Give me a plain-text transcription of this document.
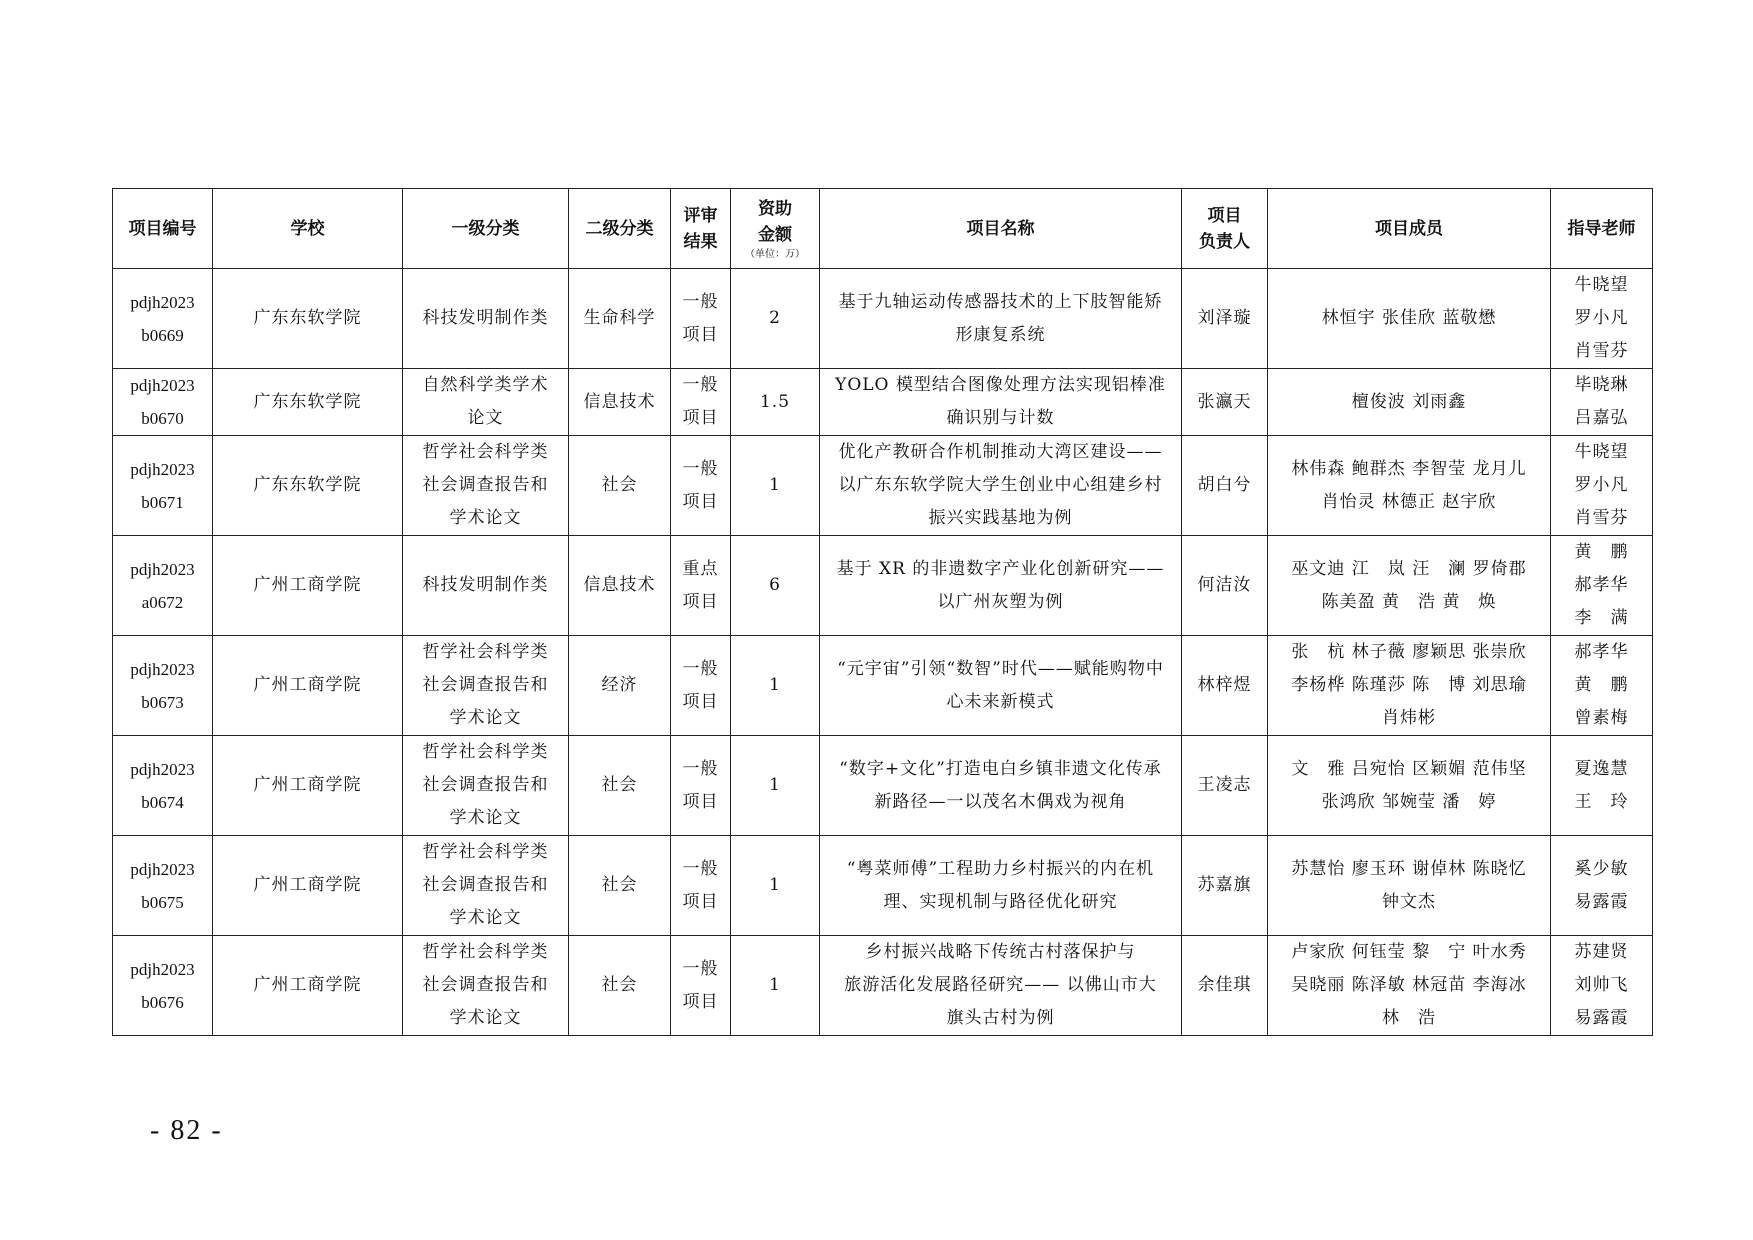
项目编号	学校	一级分类	二级分类	评审
结果	资助
金额
（单位：万）	项目名称	项目
负责人	项目成员	指导老师

pdjh2023
b0669	广东东软学院	科技发明制作类	生命科学	一般
项目	2	基于九轴运动传感器技术的上下肢智能矫
形康复系统	刘泽璇	林恒宇 张佳欣 蓝敬懋	牛晓望
罗小凡
肖雪芬

pdjh2023
b0670	广东东软学院	自然科学类学术
论文	信息技术	一般
项目	1.5	YOLO 模型结合图像处理方法实现铝棒准
确识别与计数	张瀛天	檀俊波 刘雨鑫	毕晓琳
吕嘉弘

pdjh2023
b0671	广东东软学院	哲学社会科学类
社会调查报告和
学术论文	社会	一般
项目	1	优化产教研合作机制推动大湾区建设——
以广东东软学院大学生创业中心组建乡村
振兴实践基地为例	胡白兮	林伟森 鲍群杰 李智莹 龙月儿
肖怡灵 林德正 赵宇欣	牛晓望
罗小凡
肖雪芬

pdjh2023
a0672	广州工商学院	科技发明制作类	信息技术	重点
项目	6	基于 XR 的非遗数字产业化创新研究——
以广州灰塑为例	何洁汝	巫文迪 江　岚 汪　澜 罗倚郡
陈美盈 黄　浩 黄　焕	黄　鹏
郝孝华
李　满

pdjh2023
b0673	广州工商学院	哲学社会科学类
社会调查报告和
学术论文	经济	一般
项目	1	“元宇宙”引领“数智”时代——赋能购物中
心未来新模式	林梓煜	张　杭 林子薇 廖颖思 张崇欣
李杨桦 陈瑾莎 陈　博 刘思瑜
肖炜彬	郝孝华
黄　鹏
曾素梅

pdjh2023
b0674	广州工商学院	哲学社会科学类
社会调查报告和
学术论文	社会	一般
项目	1	“数字+文化”打造电白乡镇非遗文化传承
新路径—一以茂名木偶戏为视角	王凌志	文　雅 吕宛怡 区颖媚 范伟坚
张鸿欣 邹婉莹 潘　婷	夏逸慧
王　玲

pdjh2023
b0675	广州工商学院	哲学社会科学类
社会调查报告和
学术论文	社会	一般
项目	1	“粤菜师傅”工程助力乡村振兴的内在机
理、实现机制与路径优化研究	苏嘉旗	苏慧怡 廖玉环 谢倬林 陈晓忆
钟文杰	奚少敏
易露霞

pdjh2023
b0676	广州工商学院	哲学社会科学类
社会调查报告和
学术论文	社会	一般
项目	1	乡村振兴战略下传统古村落保护与
旅游活化发展路径研究—— 以佛山市大
旗头古村为例	余佳琪	卢家欣 何钰莹 黎　宁 叶水秀
吴晓丽 陈泽敏 林冠苗 李海冰
林　浩	苏建贤
刘帅飞
易露霞
- 82 -
